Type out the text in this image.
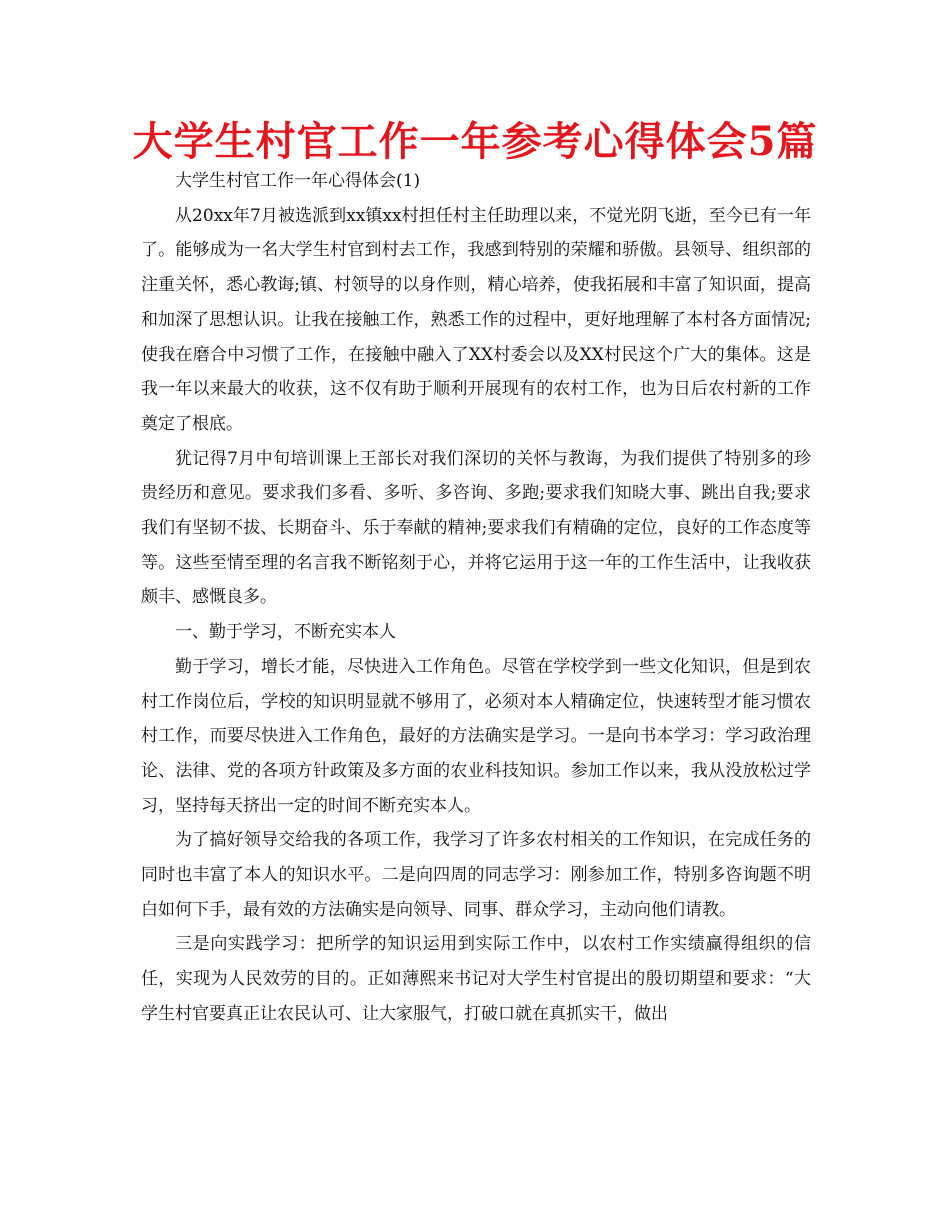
大学生村官工作一年参考心得体会5篇

大学生村官工作一年心得体会(1)

从20xx年7月被选派到xx镇xx村担任村主任助理以来，不觉光阴飞逝，至今已有一年了。能够成为一名大学生村官到村去工作，我感到特别的荣耀和骄傲。县领导、组织部的注重关怀，悉心教诲;镇、村领导的以身作则，精心培养，使我拓展和丰富了知识面，提高和加深了思想认识。让我在接触工作，熟悉工作的过程中，更好地理解了本村各方面情况;使我在磨合中习惯了工作，在接触中融入了XX村委会以及XX村民这个广大的集体。这是我一年以来最大的收获，这不仅有助于顺利开展现有的农村工作，也为日后农村新的工作奠定了根底。

犹记得7月中旬培训课上王部长对我们深切的关怀与教诲，为我们提供了特别多的珍贵经历和意见。要求我们多看、多听、多咨询、多跑;要求我们知晓大事、跳出自我;要求我们有坚韧不拔、长期奋斗、乐于奉献的精神;要求我们有精确的定位，良好的工作态度等等。这些至情至理的名言我不断铭刻于心，并将它运用于这一年的工作生活中，让我收获颇丰、感慨良多。

一、勤于学习，不断充实本人

勤于学习，增长才能，尽快进入工作角色。尽管在学校学到一些文化知识，但是到农村工作岗位后，学校的知识明显就不够用了，必须对本人精确定位，快速转型才能习惯农村工作，而要尽快进入工作角色，最好的方法确实是学习。一是向书本学习：学习政治理论、法律、党的各项方针政策及多方面的农业科技知识。参加工作以来，我从没放松过学习，坚持每天挤出一定的时间不断充实本人。

为了搞好领导交给我的各项工作，我学习了许多农村相关的工作知识，在完成任务的同时也丰富了本人的知识水平。二是向四周的同志学习：刚参加工作，特别多咨询题不明白如何下手，最有效的方法确实是向领导、同事、群众学习，主动向他们请教。

三是向实践学习：把所学的知识运用到实际工作中，以农村工作实绩赢得组织的信任，实现为人民效劳的目的。正如薄熙来书记对大学生村官提出的殷切期望和要求：“大学生村官要真正让农民认可、让大家服气，打破口就在真抓实干，做出
